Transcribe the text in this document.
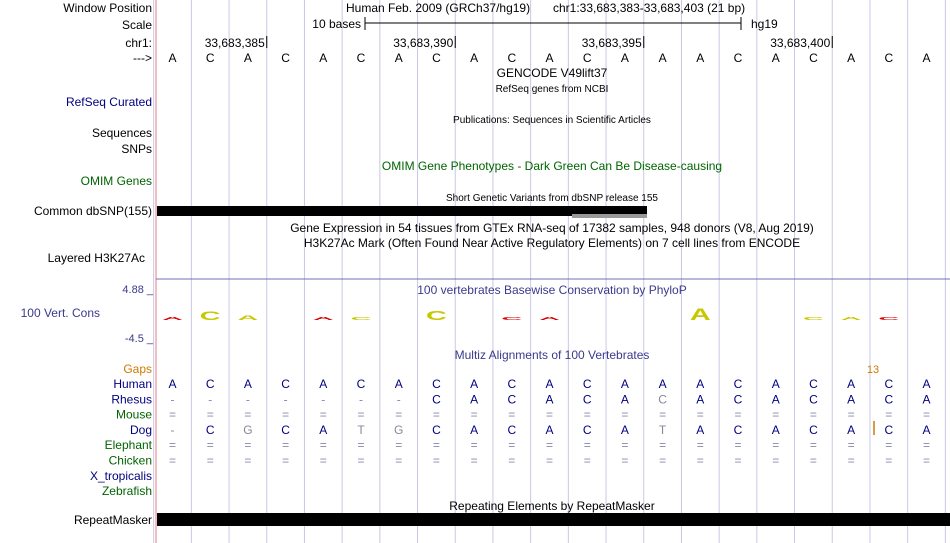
Window Position	Human Feb. 2009 (GRCh37/hg19) chr1:33,683,383-33,683,403 (21 bp)
Scale	10 bases	hg19
chr1:	33,683,385	33,683,390	33,683,395	33,683,400
---> A C A C A C A C A C A C A A A C A C A C A
GENCODE V49lift37
RefSeq genes from NCBI
RefSeq Curated
Publications: Sequences in Scientific Articles
Sequences
SNPs
OMIM Gene Phenotypes - Dark Green Can Be Disease-causing
OMIM Genes
Short Genetic Variants from dbSNP release 155
Common dbSNP(155)
Gene Expression in 54 tissues from GTEx RNA-seq of 17382 samples, 948 donors (V8, Aug 2019)
H3K27Ac Mark (Often Found Near Active Regulatory Elements) on 7 cell lines from ENCODE
Layered H3K27Ac
100 vertebrates Basewise Conservation by PhyloP
4.88 _
100 Vert. Cons
-4.5 _
A C A	A C	C	C A	A	C A C
Multiz Alignments of 100 Vertebrates
Gaps	13
Human A C A C A C A C A C A C A A A C A C A C A
Rhesus -	-	-	-	-	-	-	C A C A C A C A C A C A C A
Mouse =	=	=	=	=	=	=	=	=	=	=	=	=	=	=	=	=	=	=	=	=
Dog -	C G C A	T G C A C A C A	T	A C A C A C A
Elephant =	=	=	=	=	=	=	=	=	=	=	=	=	=	=	=	=	=	=	=	=
Chicken =	=	=	=	=	=	=	=	=	=	=	=	=	=	=	=	=	=	=	=	=
X_tropicalis
Zebrafish
Repeating Elements by RepeatMasker
RepeatMasker
